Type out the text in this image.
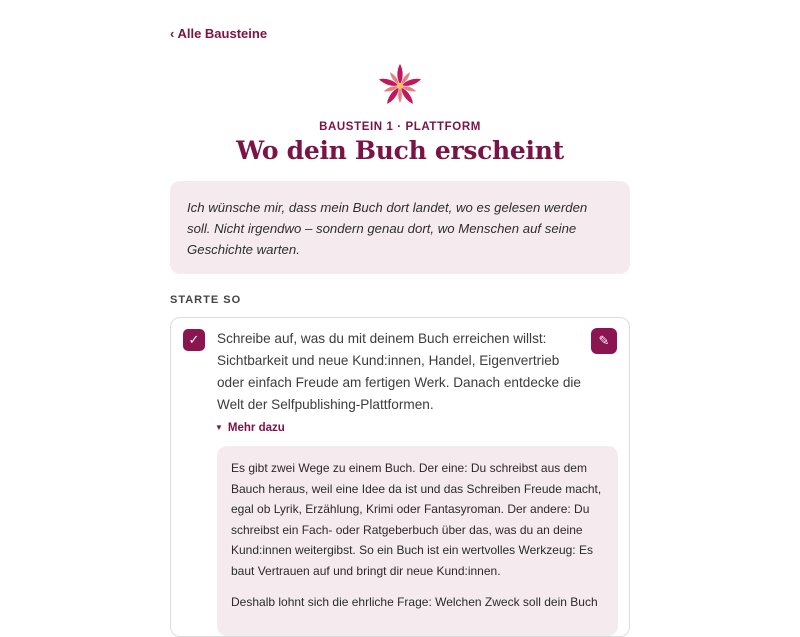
‹ Alle Bausteine
BAUSTEIN 1 · PLATTFORM
Wo dein Buch erscheint
Ich wünsche mir, dass mein Buch dort landet, wo es gelesen werden soll. Nicht irgendwo – sondern genau dort, wo Menschen auf seine Geschichte warten.
STARTE SO
✓	Schreibe auf, was du mit deinem Buch erreichen willst: Sichtbarkeit und neue Kund:innen, Handel, Eigenvertrieb oder einfach Freude am fertigen Werk. Danach entdecke die Welt der Selfpublishing-Plattformen.
✎
▼ Mehr dazu

Es gibt zwei Wege zu einem Buch. Der eine: Du schreibst aus dem Bauch heraus, weil eine Idee da ist und das Schreiben Freude macht, egal ob Lyrik, Erzählung, Krimi oder Fantasyroman. Der andere: Du schreibst ein Fach- oder Ratgeberbuch über das, was du an deine Kund:innen weitergibst. So ein Buch ist ein wertvolles Werkzeug: Es baut Vertrauen auf und bringt dir neue Kund:innen.

Deshalb lohnt sich die ehrliche Frage: Welchen Zweck soll dein Buch
